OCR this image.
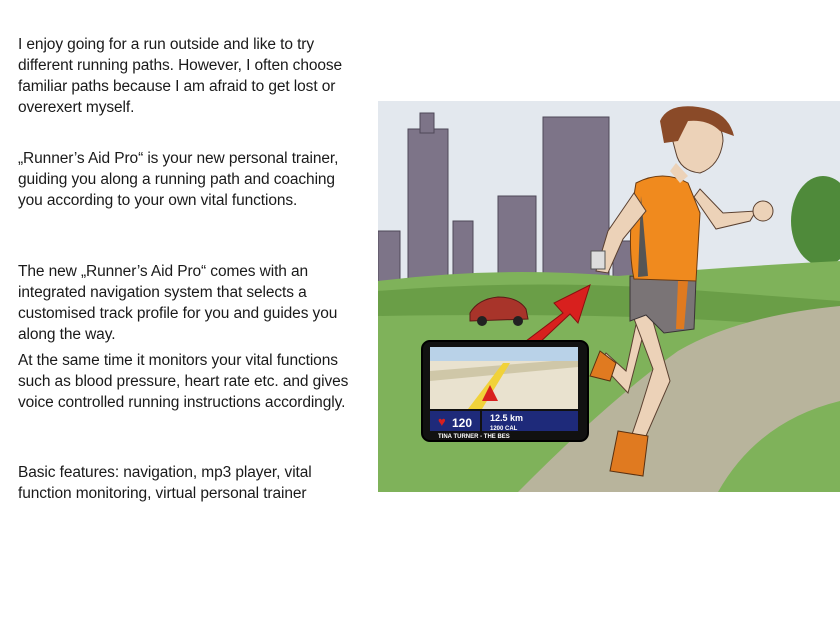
I enjoy going for a run outside and like to try different running paths. However, I often choose familiar paths because I am afraid to get lost or overexert myself.

„Runner’s Aid Pro“ is your new personal trainer, guiding you along a running path and coaching you according to your own vital functions.

The new „Runner’s Aid Pro“ comes with an integrated navigation system that selects a customised track profile for you and guides you along the way.

At the same time it monitors your vital functions such as blood pressure, heart rate etc. and gives voice controlled running instructions accordingly.

Basic features: navigation, mp3 player, vital function monitoring, virtual personal trainer

♥ 120 12.5 km
1200 CAL
TINA TURNER - THE BES
